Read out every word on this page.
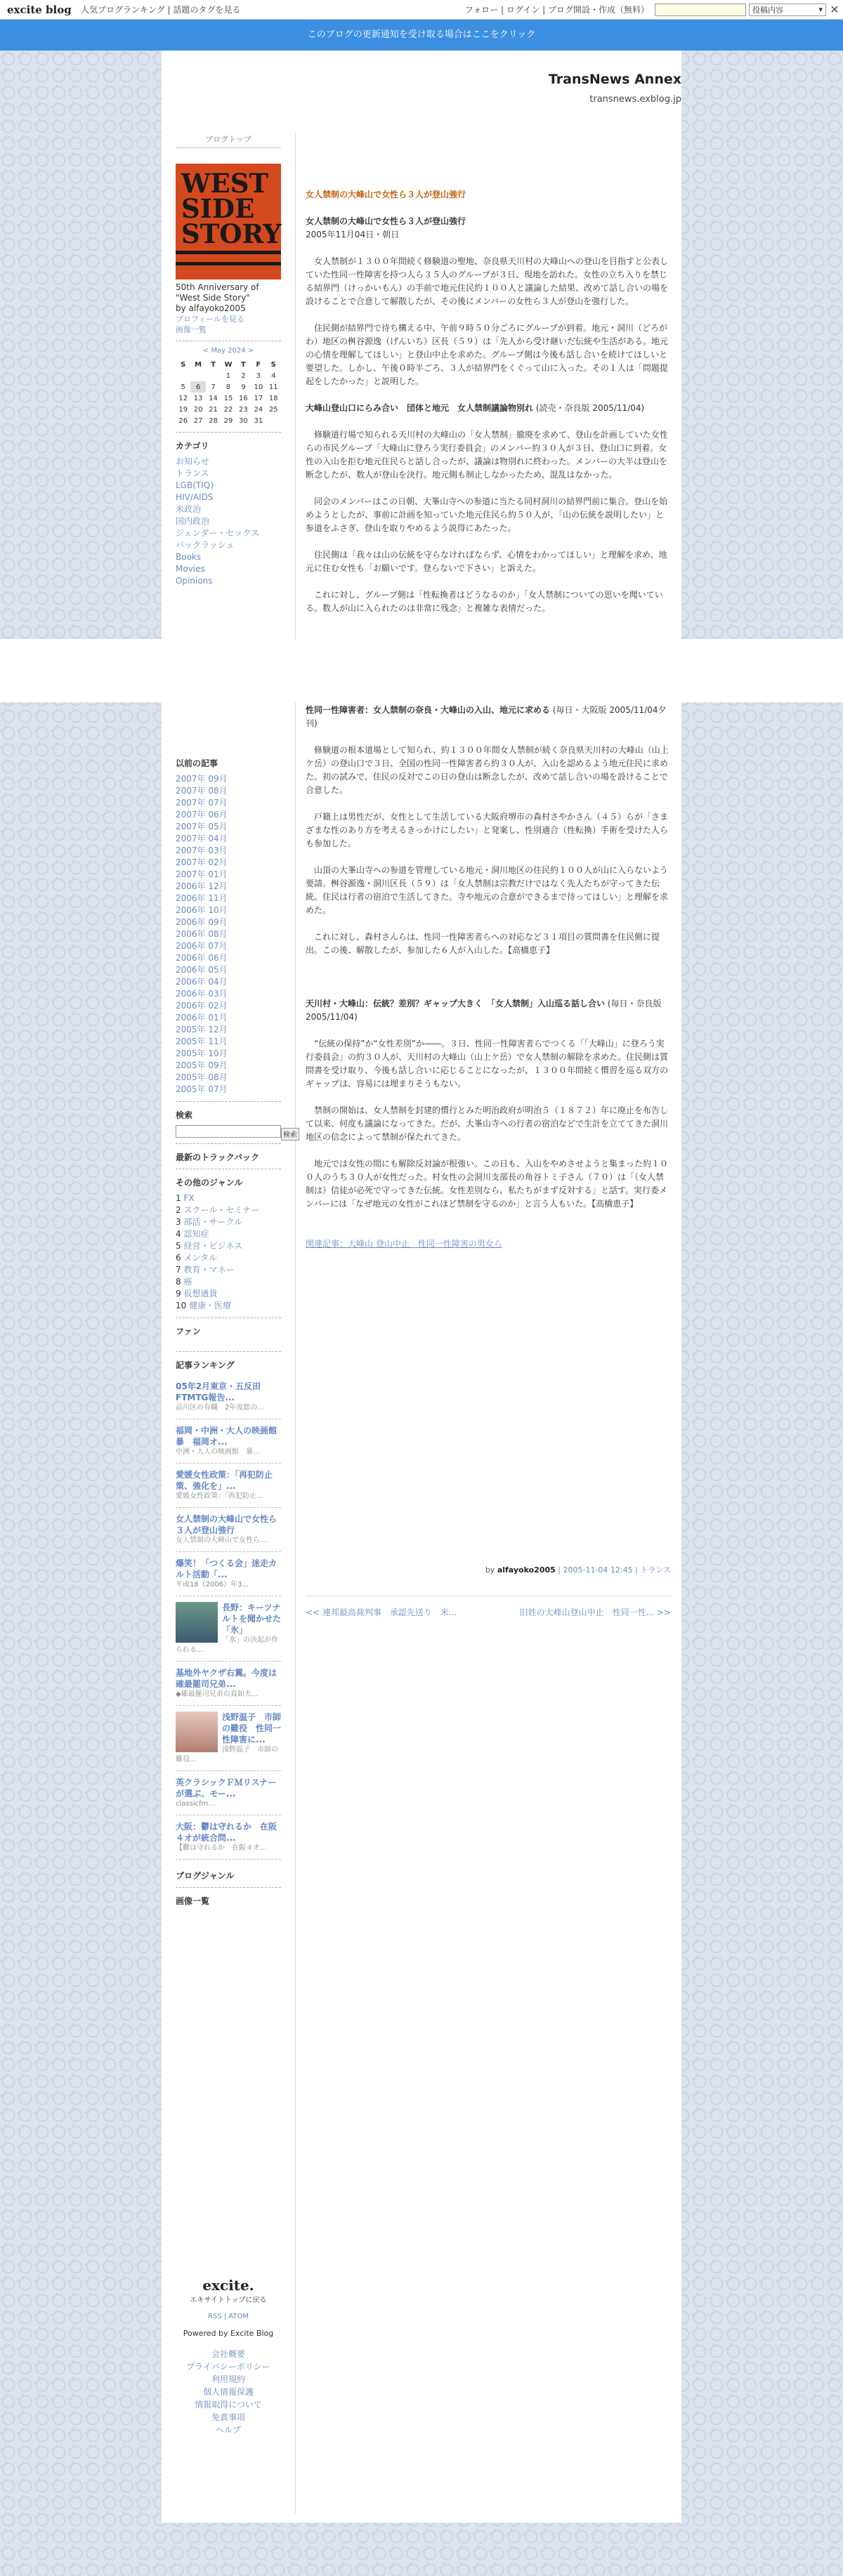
excite blog	人気ブログランキング | 話題のタグを見る	フォロー | ログイン | ブログ開設・作成（無料）	投稿内容	▾ ✕
このブログの更新通知を受け取る場合はここをクリック
TransNews Annex
transnews.exblog.jp
ブログトップ
WEST SIDE STORY
50th Anniversary of "West Side Story"
by alfayoko2005
プロフィールを見る
画像一覧
< May 2024 >
S	M	T	W	T	F	S
			1	2	3	4
5	6	7	8	9	10	11
12	13	14	15	16	17	18
19	20	21	22	23	24	25
26	27	28	29	30	31	
カテゴリ
お知らせ
トランス
LGB(TIQ)
HIV/AIDS
米政治
国内政治
ジェンダー・セックス
バックラッシュ
Books
Movies
Opinions
以前の記事
2007年 09月
2007年 08月
2007年 07月
2007年 06月
2007年 05月
2007年 04月
2007年 03月
2007年 02月
2007年 01月
2006年 12月
2006年 11月
2006年 10月
2006年 09月
2006年 08月
2006年 07月
2006年 06月
2006年 05月
2006年 04月
2006年 03月
2006年 02月
2006年 01月
2005年 12月
2005年 11月
2005年 10月
2005年 09月
2005年 08月
2005年 07月
検索
検索
最新のトラックバック
その他のジャンル
1 FX
2 スクール・セミナー
3 部活・サークル
4 認知症
5 経営・ビジネス
6 メンタル
7 教育・マネー
8 癌
9 仮想通貨
10 健康・医療
ファン
記事ランキング
05年2月東京・五反田FTMTG報告...
品川区の有職　2年度総の...
福岡・中洲・大人の映画館　暴　福岡オ...
中洲・大人の映画館　暴...
愛媛女性政策：「再犯防止策、強化を」...
愛媛女性政策：「再犯防止...
女人禁制の大峰山で女性ら３人が登山強行
女人禁制の大峰山で女性ら...
爆笑！「つくる会」迷走カルト活動「...
平成18（2006）年3...
長野：キーツナルトを聞かせた「氷」
「氷」の決起が作られる...
基地外ヤクザ右翼。今度は確最罷司兄弟...
◆確最罷司兄弟の真如夫...
浅野温子　市師の難役　性同一性障害に...
浅野温子　市師の難役...
英クラシックＦＭリスナーが選ぶ、モー...
classicfm...
大阪：鬱は守れるか　在阪４オが統合問...
【鬱は守れるか　在阪４オ...
ブログジャンル
画像一覧
女人禁制の大峰山で女性ら３人が登山強行

女人禁制の大峰山で女性ら３人が登山強行

2005年11月04日・朝日

女人禁制が１３００年間続く修験道の聖地、奈良県天川村の大峰山への登山を目指すと公表していた性同一性障害を持つ人ら３５人のグループが３日、現地を訪れた。女性の立ち入りを禁じる結界門（けっかいもん）の手前で地元住民約１００人と議論した結果、改めて話し合いの場を設けることで合意して解散したが、その後にメンバーの女性ら３人が登山を強行した。

住民側が結界門で待ち構える中、午前９時５０分ごろにグループが到着。地元・洞川（どろがわ）地区の桝谷源逸（げんいち）区長（５９）は「先人から受け継いだ伝統や生活がある。地元の心情を理解してほしい」と登山中止を求めた。グループ側は今後も話し合いを続けてほしいと要望した。しかし、午後０時半ごろ、３人が結界門をくぐって山に入った。その１人は「問題提起をしたかった」と説明した。

大峰山登山口にらみ合い　団体と地元　女人禁制議論物別れ (読売・奈良版 2005/11/04)

修験道行場で知られる天川村の大峰山の「女人禁制」撤廃を求めて、登山を計画していた女性らの市民グループ「大峰山に登ろう実行委員会」のメンバー約３０人が３日、登山口に到着。女性の入山を拒む地元住民らと話し合ったが、議論は物別れに終わった。メンバーの大半は登山を断念したが、数人が登山を決行。地元側も制止しなかったため、混乱はなかった。

同会のメンバーはこの日朝、大峯山寺への参道に当たる同村洞川の結界門前に集合。登山を始めようとしたが、事前に計画を知っていた地元住民ら約５０人が、「山の伝統を説明したい」と参道をふさぎ、登山を取りやめるよう説得にあたった。

住民側は「我々は山の伝統を守らなければならず、心情をわかってほしい」と理解を求め、地元に住む女性も「お願いです。登らないで下さい」と訴えた。

これに対し、グループ側は「性転換者はどうなるのか」「女人禁制についての思いを聞いている。数人が山に入られたのは非常に残念」と複雑な表情だった。

性同一性障害者：女人禁制の奈良・大峰山の入山、地元に求める (毎日・大阪版 2005/11/04夕刊)

修験道の根本道場として知られ、約１３００年間女人禁制が続く奈良県天川村の大峰山（山上ケ岳）の登山口で３日、全国の性同一性障害者ら約３０人が、入山を認めるよう地元住民に求めた。初の試みで、住民の反対でこの日の登山は断念したが、改めて話し合いの場を設けることで合意した。

戸籍上は男性だが、女性として生活している大阪府堺市の森村さやかさん（４５）らが「さまざまな性のあり方を考えるきっかけにしたい」と発案し、性別適合（性転換）手術を受けた人らも参加した。

山頂の大峯山寺への参道を管理している地元・洞川地区の住民約１００人が山に入らないよう要請。桝谷源逸・洞川区長（５９）は「女人禁制は宗教だけではなく先人たちが守ってきた伝統。住民は行者の宿泊で生活してきた。寺や地元の合意ができるまで待ってほしい」と理解を求めた。

これに対し、森村さんらは、性同一性障害者らへの対応など３１項目の質問書を住民側に提出。この後、解散したが、参加した６人が入山した。【高橋恵子】

天川村・大峰山：伝統？差別？ギャップ大きく　「女人禁制」入山巡る話し合い (毎日・奈良版 2005/11/04)

“伝統の保持”か“女性差別”か――。３日、性同一性障害者らでつくる「「大峰山」に登ろう実行委員会」の約３０人が、天川村の大峰山（山上ケ岳）で女人禁制の解除を求めた。住民側は質問書を受け取り、今後も話し合いに応じることになったが、１３００年間続く慣習を巡る双方のギャップは、容易には埋まりそうもない。

禁制の開始は、女人禁制を封建的慣行とみた明治政府が明治５（１８７２）年に廃止を布告して以来、何度も議論になってきた。だが、大峯山寺への行者の宿泊などで生計を立ててきた洞川地区の信念によって禁制が保たれてきた。

地元では女性の間にも解除反対論が根強い。この日も、入山をやめさせようと集まった約１００人のうち３０人が女性だった。村女性の会洞川支部長の角谷トミ子さん（７０）は「（女人禁制は）信徒が必死で守ってきた伝統。女性差別なら、私たちがまず反対する」と話す。実行委メンバーには「なぜ地元の女性がこれほど禁制を守るのか」と言う人もいた。【高橋恵子】

関連記事：大峰山 登山中止　性同一性障害の男女ら

by alfayoko2005 | 2005-11-04 12:45 | トランス
<< 連邦最高裁判事　承認先送り　米...	旧姓の大峰山登山中止　性同一性... >>
excite.
エキサイトトップに戻る
RSS | ATOM
Powered by Excite Blog
会社概要
プライバシーポリシー
利用規約
個人情報保護
情報取得について
免責事項
ヘルプ
